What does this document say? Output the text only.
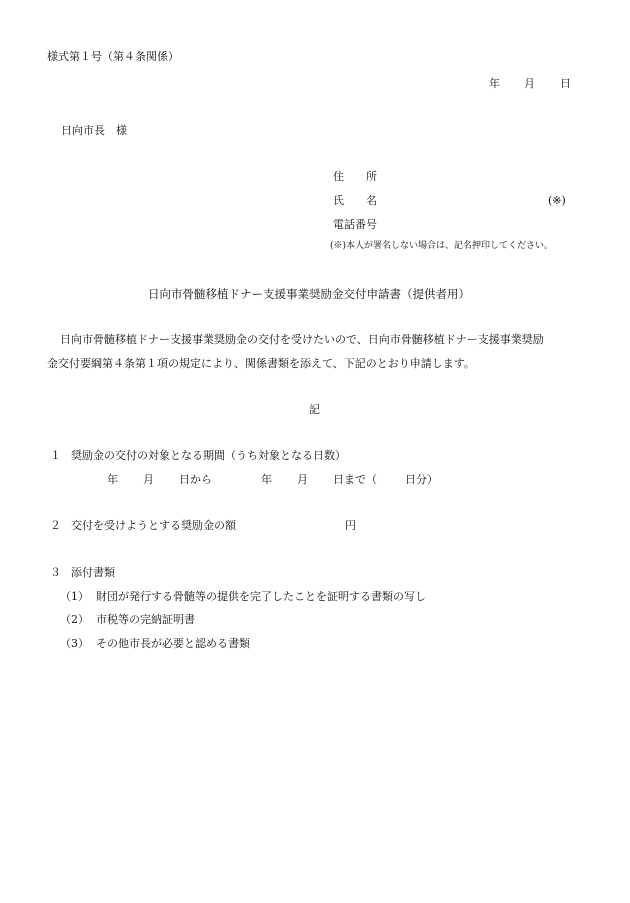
様式第１号（第４条関係）
年 月 日
日向市長　様
住　　所
氏　　名	(※)
電話番号
(※)本人が署名しない場合は、記名押印してください。
日向市骨髄移植ドナー支援事業奨励金交付申請書（提供者用）
日向市骨髄移植ドナー支援事業奨励金の交付を受けたいので、日向市骨髄移植ドナー支援事業奨励
金交付要綱第４条第１項の規定により、関係書類を添えて、下記のとおり申請します。
記
１ 奨励金の交付の対象となる期間（うち対象となる日数）
年 月 日から	年 月 日まで（	日分）
２ 交付を受けようとする奨励金の額	円
３ 添付書類
（1） 財団が発行する骨髄等の提供を完了したことを証明する書類の写し
（2） 市税等の完納証明書
（3） その他市長が必要と認める書類
